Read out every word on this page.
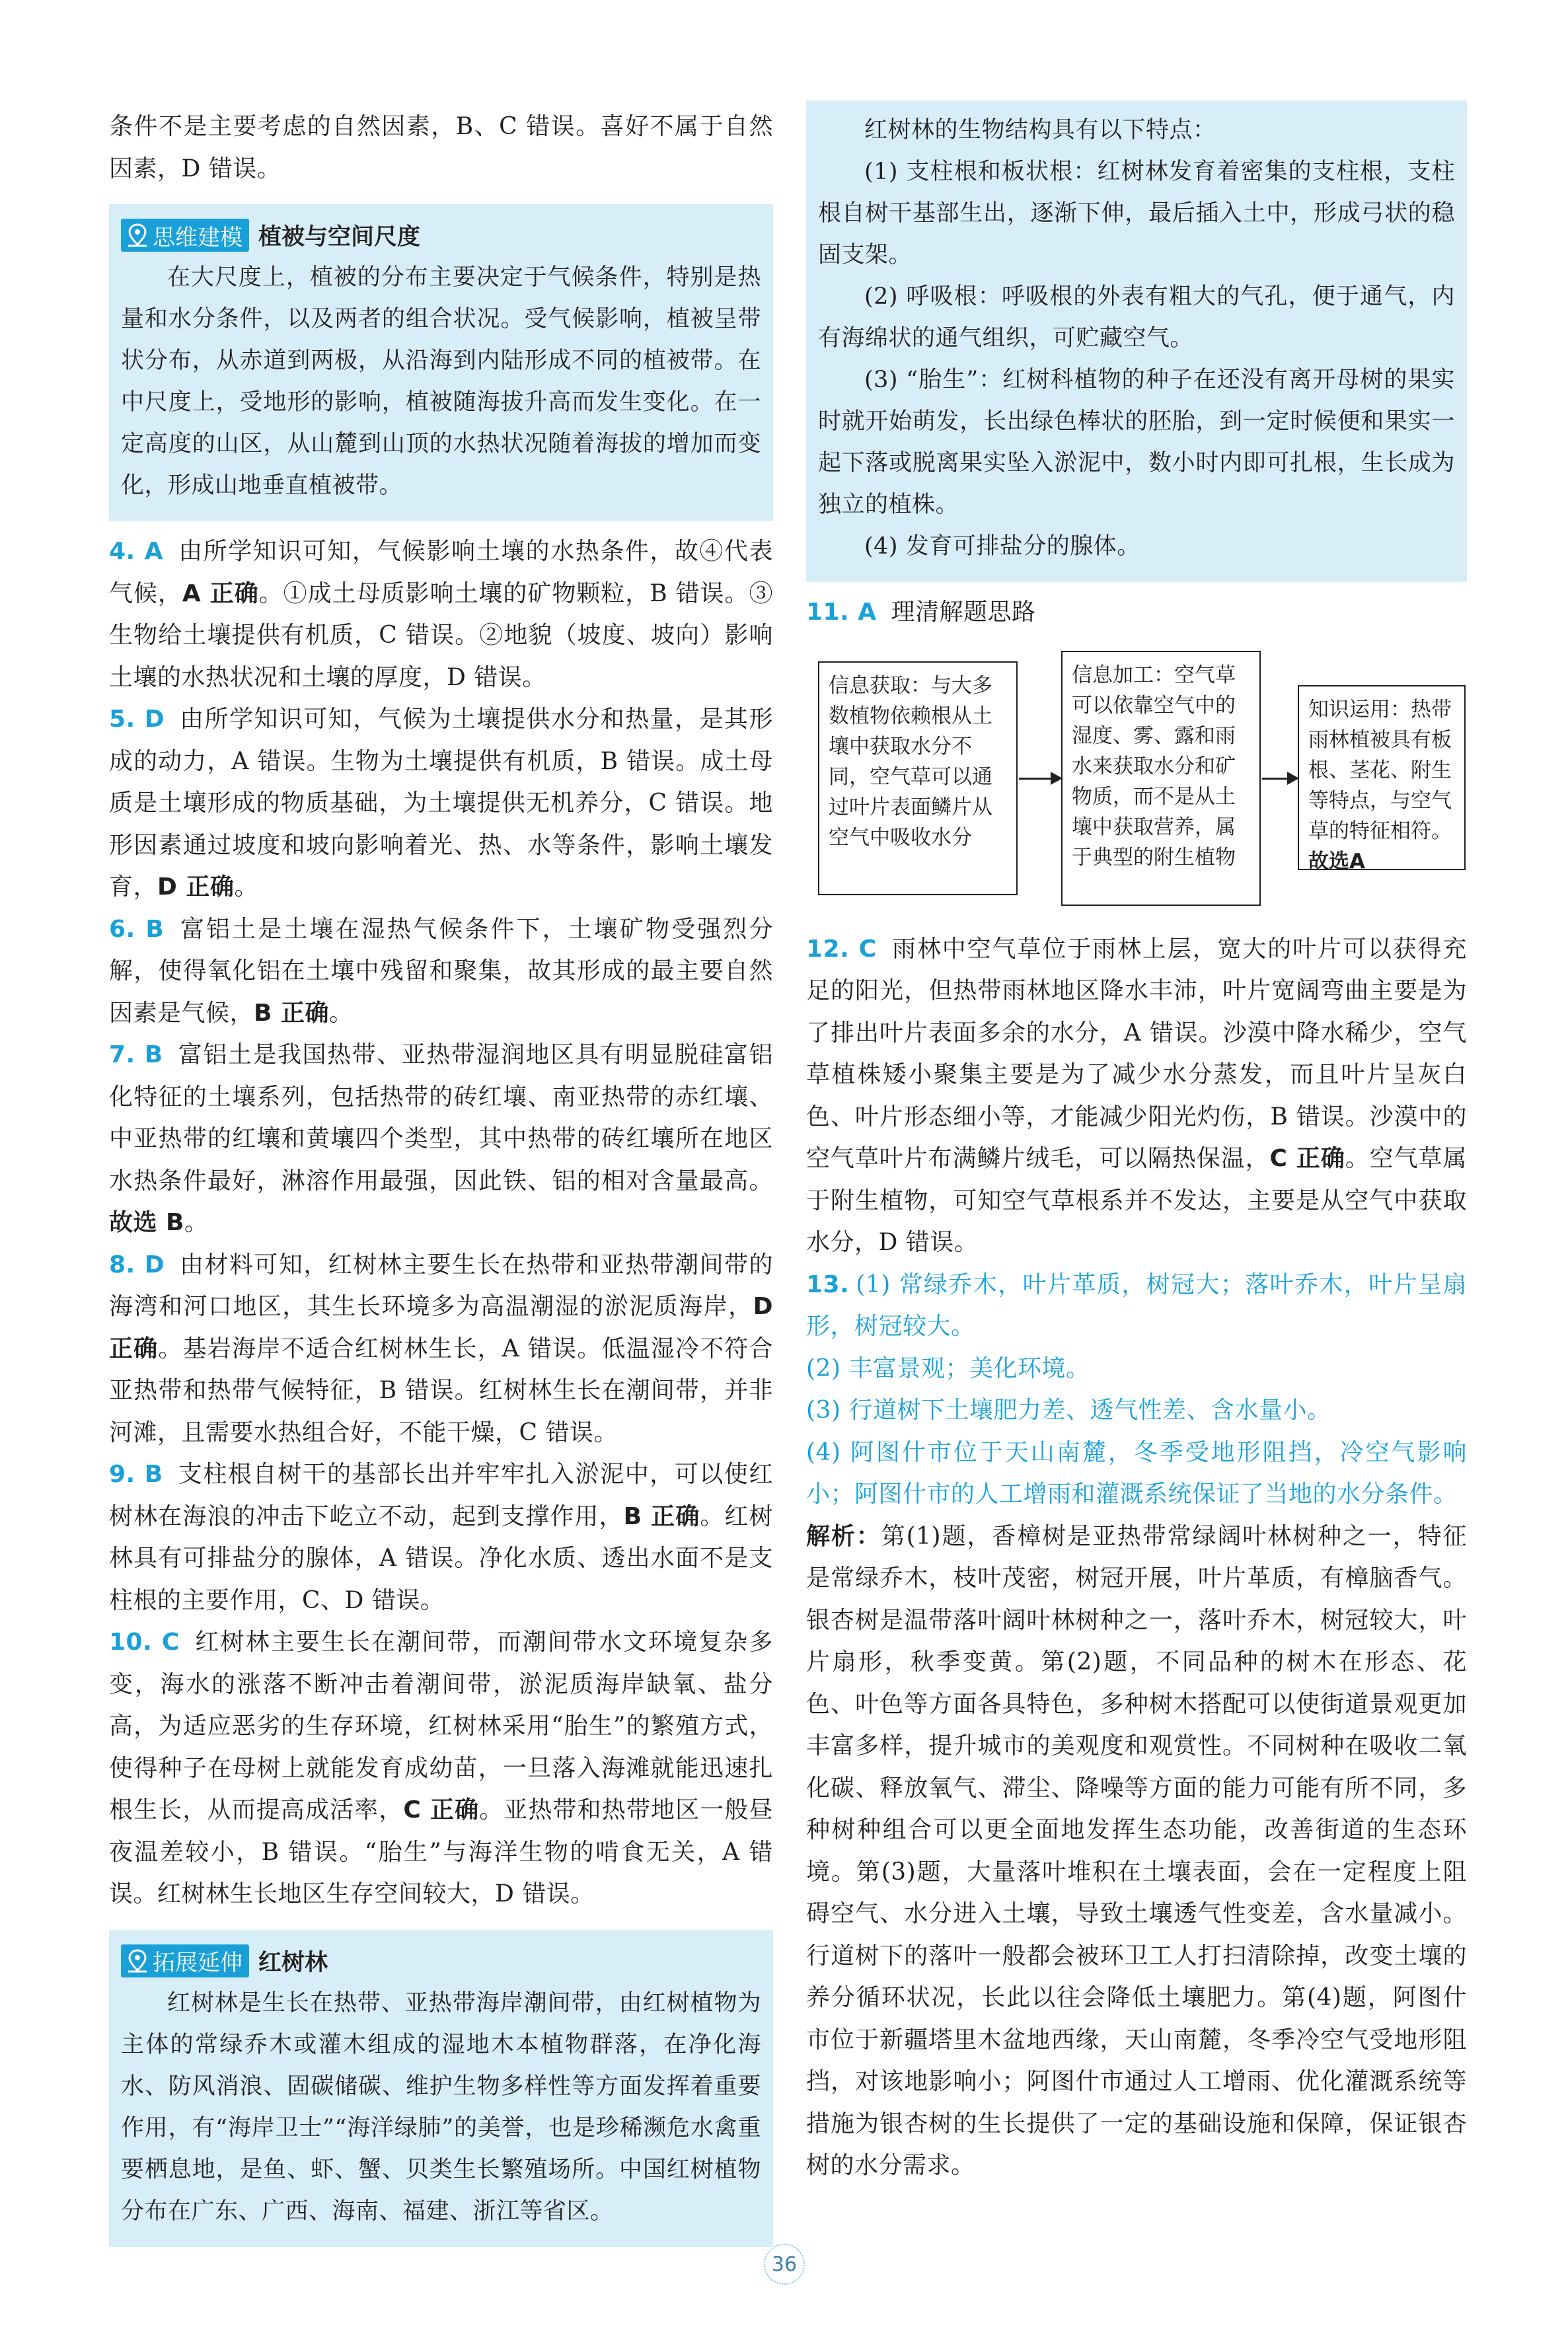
条件不是主要考虑的自然因素，B、C 错误。喜好不属于自然因素，D 错误。

思维建模 植被与空间尺度

在大尺度上，植被的分布主要决定于气候条件，特别是热量和水分条件，以及两者的组合状况。受气候影响，植被呈带状分布，从赤道到两极，从沿海到内陆形成不同的植被带。在中尺度上，受地形的影响，植被随海拔升高而发生变化。在一定高度的山区，从山麓到山顶的水热状况随着海拔的增加而变化，形成山地垂直植被带。

4. A 由所学知识可知，气候影响土壤的水热条件，故④代表气候，A 正确。①成土母质影响土壤的矿物颗粒，B 错误。③生物给土壤提供有机质，C 错误。②地貌（坡度、坡向）影响土壤的水热状况和土壤的厚度，D 错误。

5. D 由所学知识可知，气候为土壤提供水分和热量，是其形成的动力，A 错误。生物为土壤提供有机质，B 错误。成土母质是土壤形成的物质基础，为土壤提供无机养分，C 错误。地形因素通过坡度和坡向影响着光、热、水等条件，影响土壤发育，D 正确。

6. B 富铝土是土壤在湿热气候条件下，土壤矿物受强烈分解，使得氧化铝在土壤中残留和聚集，故其形成的最主要自然因素是气候，B 正确。

7. B 富铝土是我国热带、亚热带湿润地区具有明显脱硅富铝化特征的土壤系列，包括热带的砖红壤、南亚热带的赤红壤、中亚热带的红壤和黄壤四个类型，其中热带的砖红壤所在地区水热条件最好，淋溶作用最强，因此铁、铝的相对含量最高。故选 B。

8. D 由材料可知，红树林主要生长在热带和亚热带潮间带的海湾和河口地区，其生长环境多为高温潮湿的淤泥质海岸，D 正确。基岩海岸不适合红树林生长，A 错误。低温湿冷不符合亚热带和热带气候特征，B 错误。红树林生长在潮间带，并非河滩，且需要水热组合好，不能干燥，C 错误。

9. B 支柱根自树干的基部长出并牢牢扎入淤泥中，可以使红树林在海浪的冲击下屹立不动，起到支撑作用，B 正确。红树林具有可排盐分的腺体，A 错误。净化水质、透出水面不是支柱根的主要作用，C、D 错误。

10. C 红树林主要生长在潮间带，而潮间带水文环境复杂多变，海水的涨落不断冲击着潮间带，淤泥质海岸缺氧、盐分高，为适应恶劣的生存环境，红树林采用“胎生”的繁殖方式，使得种子在母树上就能发育成幼苗，一旦落入海滩就能迅速扎根生长，从而提高成活率，C 正确。亚热带和热带地区一般昼夜温差较小，B 错误。“胎生”与海洋生物的啃食无关，A 错误。红树林生长地区生存空间较大，D 错误。

拓展延伸 红树林

红树林是生长在热带、亚热带海岸潮间带，由红树植物为主体的常绿乔木或灌木组成的湿地木本植物群落，在净化海水、防风消浪、固碳储碳、维护生物多样性等方面发挥着重要作用，有“海岸卫士”“海洋绿肺”的美誉，也是珍稀濒危水禽重要栖息地，是鱼、虾、蟹、贝类生长繁殖场所。中国红树植物分布在广东、广西、海南、福建、浙江等省区。

红树林的生物结构具有以下特点：

(1) 支柱根和板状根：红树林发育着密集的支柱根，支柱根自树干基部生出，逐渐下伸，最后插入土中，形成弓状的稳固支架。

(2) 呼吸根：呼吸根的外表有粗大的气孔，便于通气，内有海绵状的通气组织，可贮藏空气。

(3) “胎生”：红树科植物的种子在还没有离开母树的果实时就开始萌发，长出绿色棒状的胚胎，到一定时候便和果实一起下落或脱离果实坠入淤泥中，数小时内即可扎根，生长成为独立的植株。

(4) 发育可排盐分的腺体。

11. A 理清解题思路

信息获取：与大多数植物依赖根从土壤中获取水分不同，空气草可以通过叶片表面鳞片从空气中吸收水分
信息加工：空气草可以依靠空气中的湿度、雾、露和雨水来获取水分和矿物质，而不是从土壤中获取营养，属于典型的附生植物
知识运用：热带雨林植被具有板根、茎花、附生等特点，与空气草的特征相符。故选A

12. C 雨林中空气草位于雨林上层，宽大的叶片可以获得充足的阳光，但热带雨林地区降水丰沛，叶片宽阔弯曲主要是为了排出叶片表面多余的水分，A 错误。沙漠中降水稀少，空气草植株矮小聚集主要是为了减少水分蒸发，而且叶片呈灰白色、叶片形态细小等，才能减少阳光灼伤，B 错误。沙漠中的空气草叶片布满鳞片绒毛，可以隔热保温，C 正确。空气草属于附生植物，可知空气草根系并不发达，主要是从空气中获取水分，D 错误。

13. (1) 常绿乔木，叶片革质，树冠大；落叶乔木，叶片呈扇形，树冠较大。

(2) 丰富景观；美化环境。

(3) 行道树下土壤肥力差、透气性差、含水量小。

(4) 阿图什市位于天山南麓，冬季受地形阻挡，冷空气影响小；阿图什市的人工增雨和灌溉系统保证了当地的水分条件。

解析：第(1)题，香樟树是亚热带常绿阔叶林树种之一，特征是常绿乔木，枝叶茂密，树冠开展，叶片革质，有樟脑香气。银杏树是温带落叶阔叶林树种之一，落叶乔木，树冠较大，叶片扇形，秋季变黄。第(2)题，不同品种的树木在形态、花色、叶色等方面各具特色，多种树木搭配可以使街道景观更加丰富多样，提升城市的美观度和观赏性。不同树种在吸收二氧化碳、释放氧气、滞尘、降噪等方面的能力可能有所不同，多种树种组合可以更全面地发挥生态功能，改善街道的生态环境。第(3)题，大量落叶堆积在土壤表面，会在一定程度上阻碍空气、水分进入土壤，导致土壤透气性变差，含水量减小。行道树下的落叶一般都会被环卫工人打扫清除掉，改变土壤的养分循环状况，长此以往会降低土壤肥力。第(4)题，阿图什市位于新疆塔里木盆地西缘，天山南麓，冬季冷空气受地形阻挡，对该地影响小；阿图什市通过人工增雨、优化灌溉系统等措施为银杏树的生长提供了一定的基础设施和保障，保证银杏树的水分需求。

36
